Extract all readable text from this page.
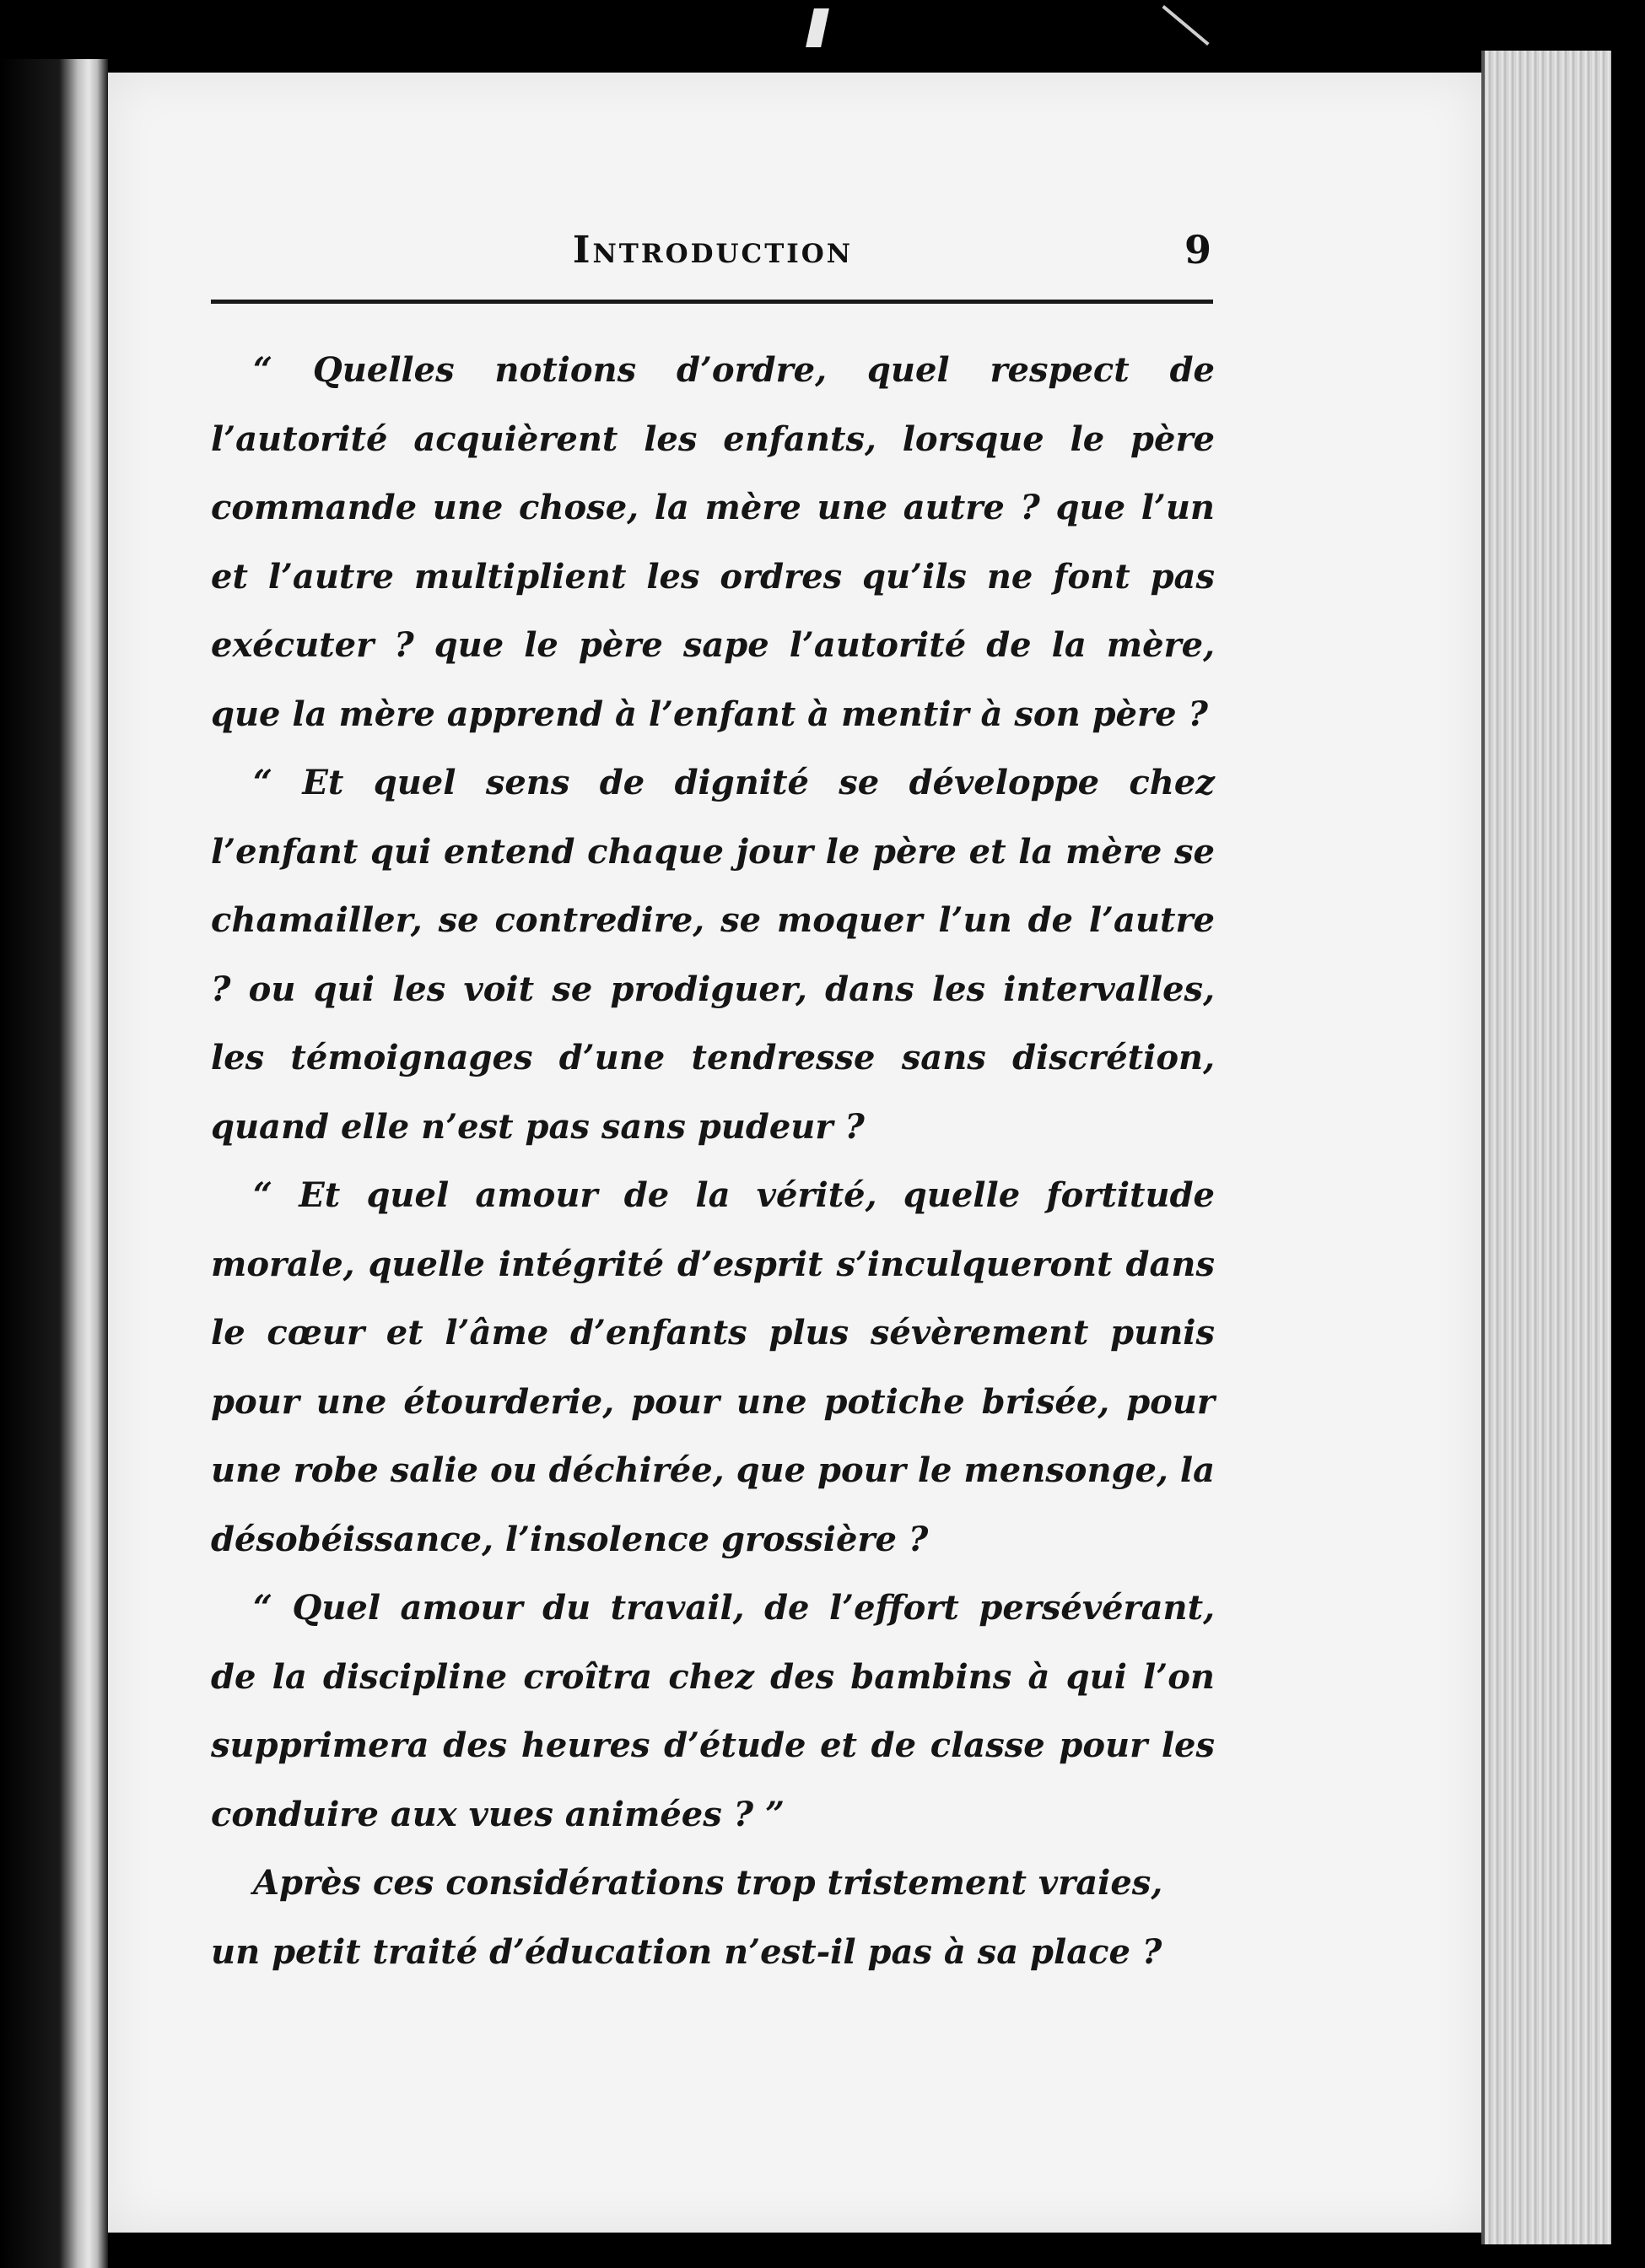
Introduction	9

“ Quelles notions d’ordre, quel respect de l’autorité acquièrent les enfants, lorsque le père commande une chose, la mère une autre ? que l’un et l’autre multiplient les ordres qu’ils ne font pas exécuter ? que le père sape l’autorité de la mère, que la mère apprend à l’enfant à mentir à son père ?

“ Et quel sens de dignité se développe chez l’enfant qui entend chaque jour le père et la mère se chamailler, se contredire, se moquer l’un de l’autre ? ou qui les voit se prodiguer, dans les intervalles, les témoignages d’une tendresse sans discrétion, quand elle n’est pas sans pudeur ?

“ Et quel amour de la vérité, quelle fortitude morale, quelle intégrité d’esprit s’inculqueront dans le cœur et l’âme d’enfants plus sévèrement punis pour une étourderie, pour une potiche brisée, pour une robe salie ou déchirée, que pour le mensonge, la désobéissance, l’insolence grossière ?

“ Quel amour du travail, de l’effort persévérant, de la discipline croîtra chez des bambins à qui l’on supprimera des heures d’étude et de classe pour les conduire aux vues animées ? ”

Après ces considérations trop tristement vraies, un petit traité d’éducation n’est-il pas à sa place ?
